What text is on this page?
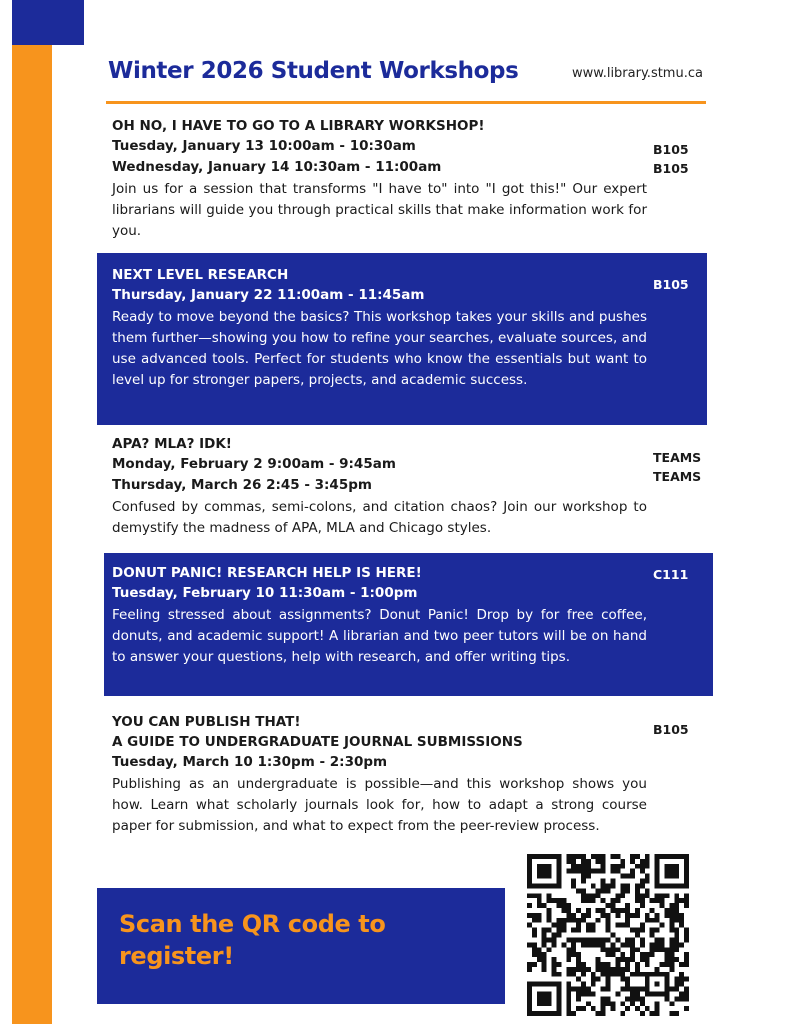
Winter 2026 Student Workshops	www.library.stmu.ca
OH NO, I HAVE TO GO TO A LIBRARY WORKSHOP!
Tuesday, January 13 10:00am - 10:30am
Wednesday, January 14 10:30am - 11:00am
Join us for a session that transforms "I have to" into "I got this!" Our expert librarians will guide you through practical skills that make information work for you.
B105
B105
NEXT LEVEL RESEARCH
Thursday, January 22 11:00am - 11:45am
Ready to move beyond the basics? This workshop takes your skills and pushes them further—showing you how to refine your searches, evaluate sources, and use advanced tools. Perfect for students who know the essentials but want to level up for stronger papers, projects, and academic success.
B105
APA? MLA? IDK!
Monday, February 2 9:00am - 9:45am
Thursday, March 26 2:45 - 3:45pm
Confused by commas, semi-colons, and citation chaos? Join our workshop to demystify the madness of APA, MLA and Chicago styles.
TEAMS
TEAMS
DONUT PANIC! RESEARCH HELP IS HERE!
Tuesday, February 10 11:30am - 1:00pm
Feeling stressed about assignments? Donut Panic! Drop by for free coffee, donuts, and academic support! A librarian and two peer tutors will be on hand to answer your questions, help with research, and offer writing tips.
C111
YOU CAN PUBLISH THAT!
A GUIDE TO UNDERGRADUATE JOURNAL SUBMISSIONS
Tuesday, March 10 1:30pm - 2:30pm
Publishing as an undergraduate is possible—and this workshop shows you how. Learn what scholarly journals look for, how to adapt a strong course paper for submission, and what to expect from the peer-review process.
B105
Scan the QR code to register!
